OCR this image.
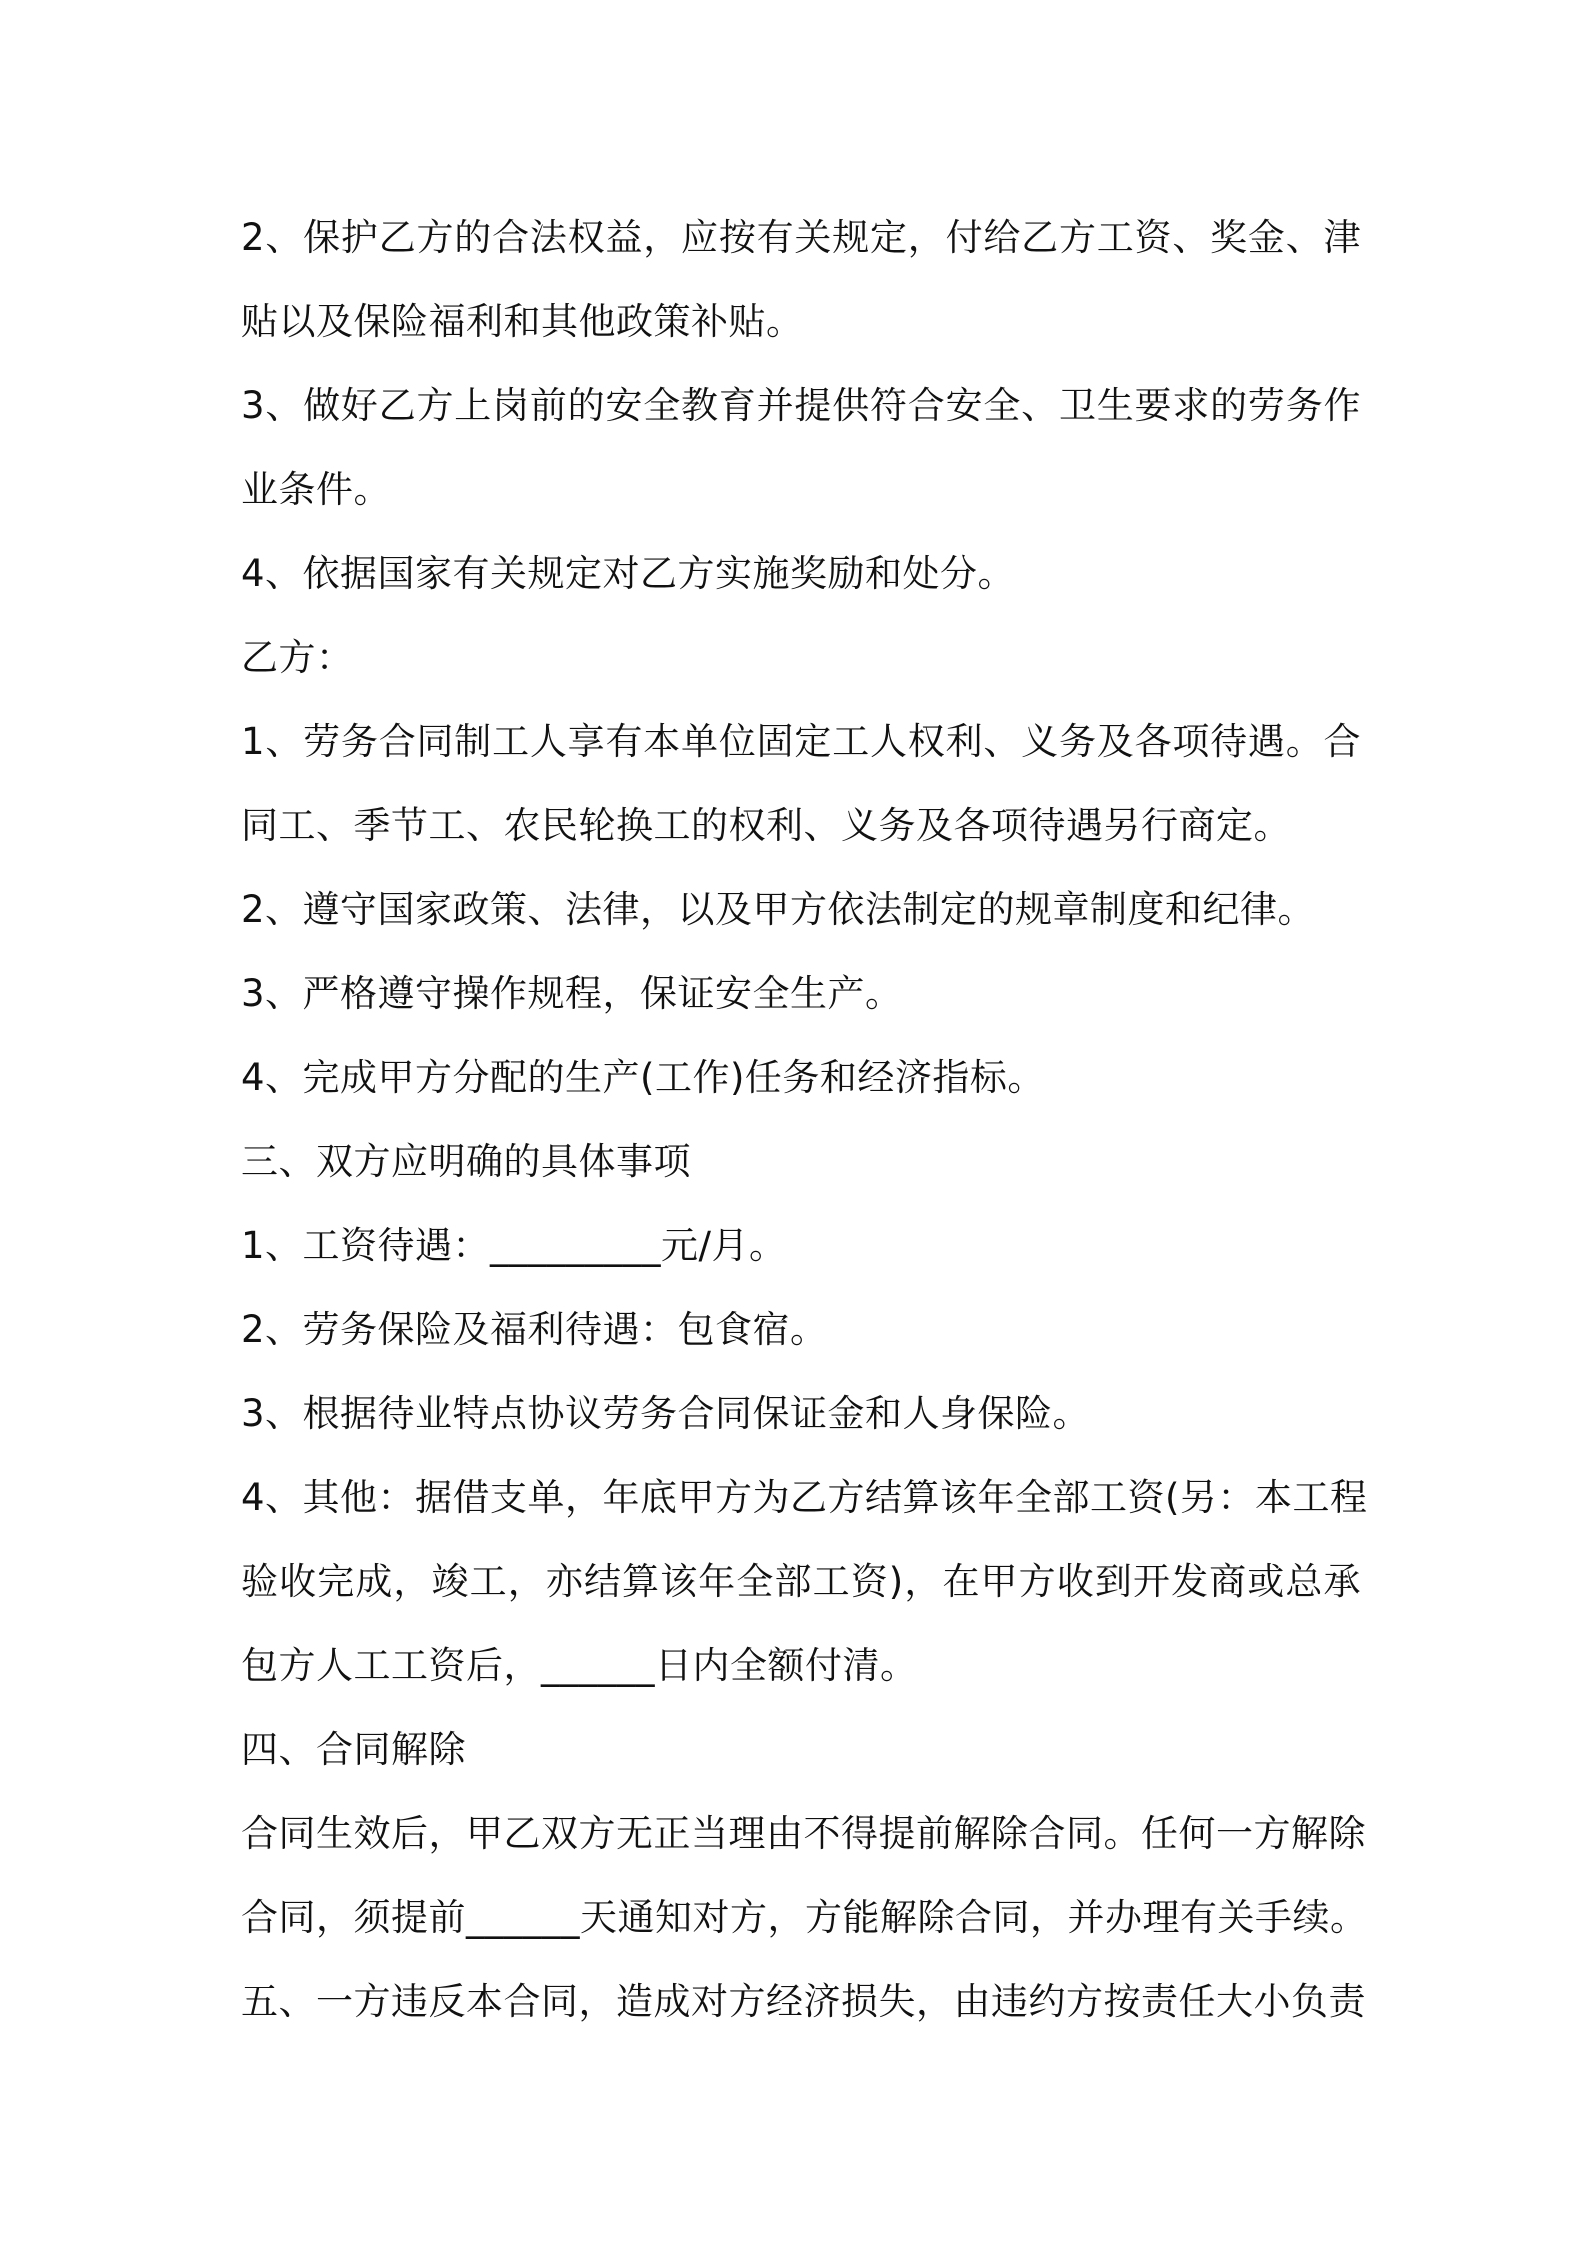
2、保护乙方的合法权益，应按有关规定，付给乙方工资、奖金、津
贴以及保险福利和其他政策补贴。
3、做好乙方上岗前的安全教育并提供符合安全、卫生要求的劳务作
业条件。
4、依据国家有关规定对乙方实施奖励和处分。
乙方：
1、劳务合同制工人享有本单位固定工人权利、义务及各项待遇。合
同工、季节工、农民轮换工的权利、义务及各项待遇另行商定。
2、遵守国家政策、法律，以及甲方依法制定的规章制度和纪律。
3、严格遵守操作规程，保证安全生产。
4、完成甲方分配的生产(工作)任务和经济指标。
三、双方应明确的具体事项
1、工资待遇：_________元/月。
2、劳务保险及福利待遇：包食宿。
3、根据待业特点协议劳务合同保证金和人身保险。
4、其他：据借支单，年底甲方为乙方结算该年全部工资(另：本工程
验收完成，竣工，亦结算该年全部工资)，在甲方收到开发商或总承
包方人工工资后，______日内全额付清。
四、合同解除
合同生效后，甲乙双方无正当理由不得提前解除合同。任何一方解除
合同，须提前______天通知对方，方能解除合同，并办理有关手续。
五、一方违反本合同，造成对方经济损失，由违约方按责任大小负责
